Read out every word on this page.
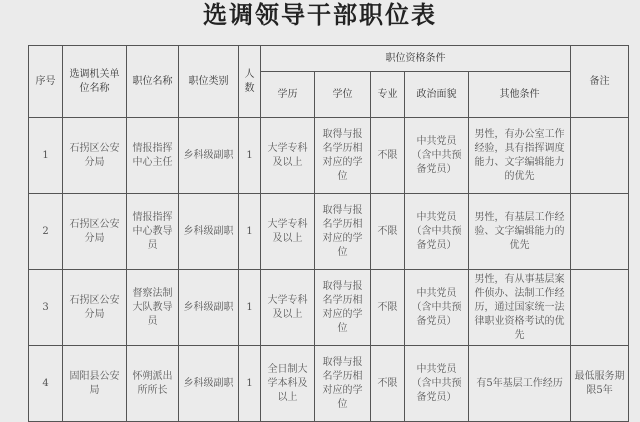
选调领导干部职位表
序号	选调机关单位名称	职位名称	职位类别	人数	职位资格条件					备注
					学历	学位	专业	政治面貌	其他条件	
1	石拐区公安分局	情报指挥中心主任	乡科级副职	1	大学专科及以上	取得与报名学历相对应的学位	不限	中共党员（含中共预备党员）	男性，有办公室工作经验，具有指挥调度能力、文字编辑能力的优先	
2	石拐区公安分局	情报指挥中心教导员	乡科级副职	1	大学专科及以上	取得与报名学历相对应的学位	不限	中共党员（含中共预备党员）	男性，有基层工作经验、文字编辑能力的优先	
3	石拐区公安分局	督察法制大队教导员	乡科级副职	1	大学专科及以上	取得与报名学历相对应的学位	不限	中共党员（含中共预备党员）	男性，有从事基层案件侦办、法制工作经历，通过国家统一法律职业资格考试的优先	
4	固阳县公安局	怀朔派出所所长	乡科级副职	1	全日制大学本科及以上	取得与报名学历相对应的学位	不限	中共党员（含中共预备党员）	有5年基层工作经历	最低服务期限5年
